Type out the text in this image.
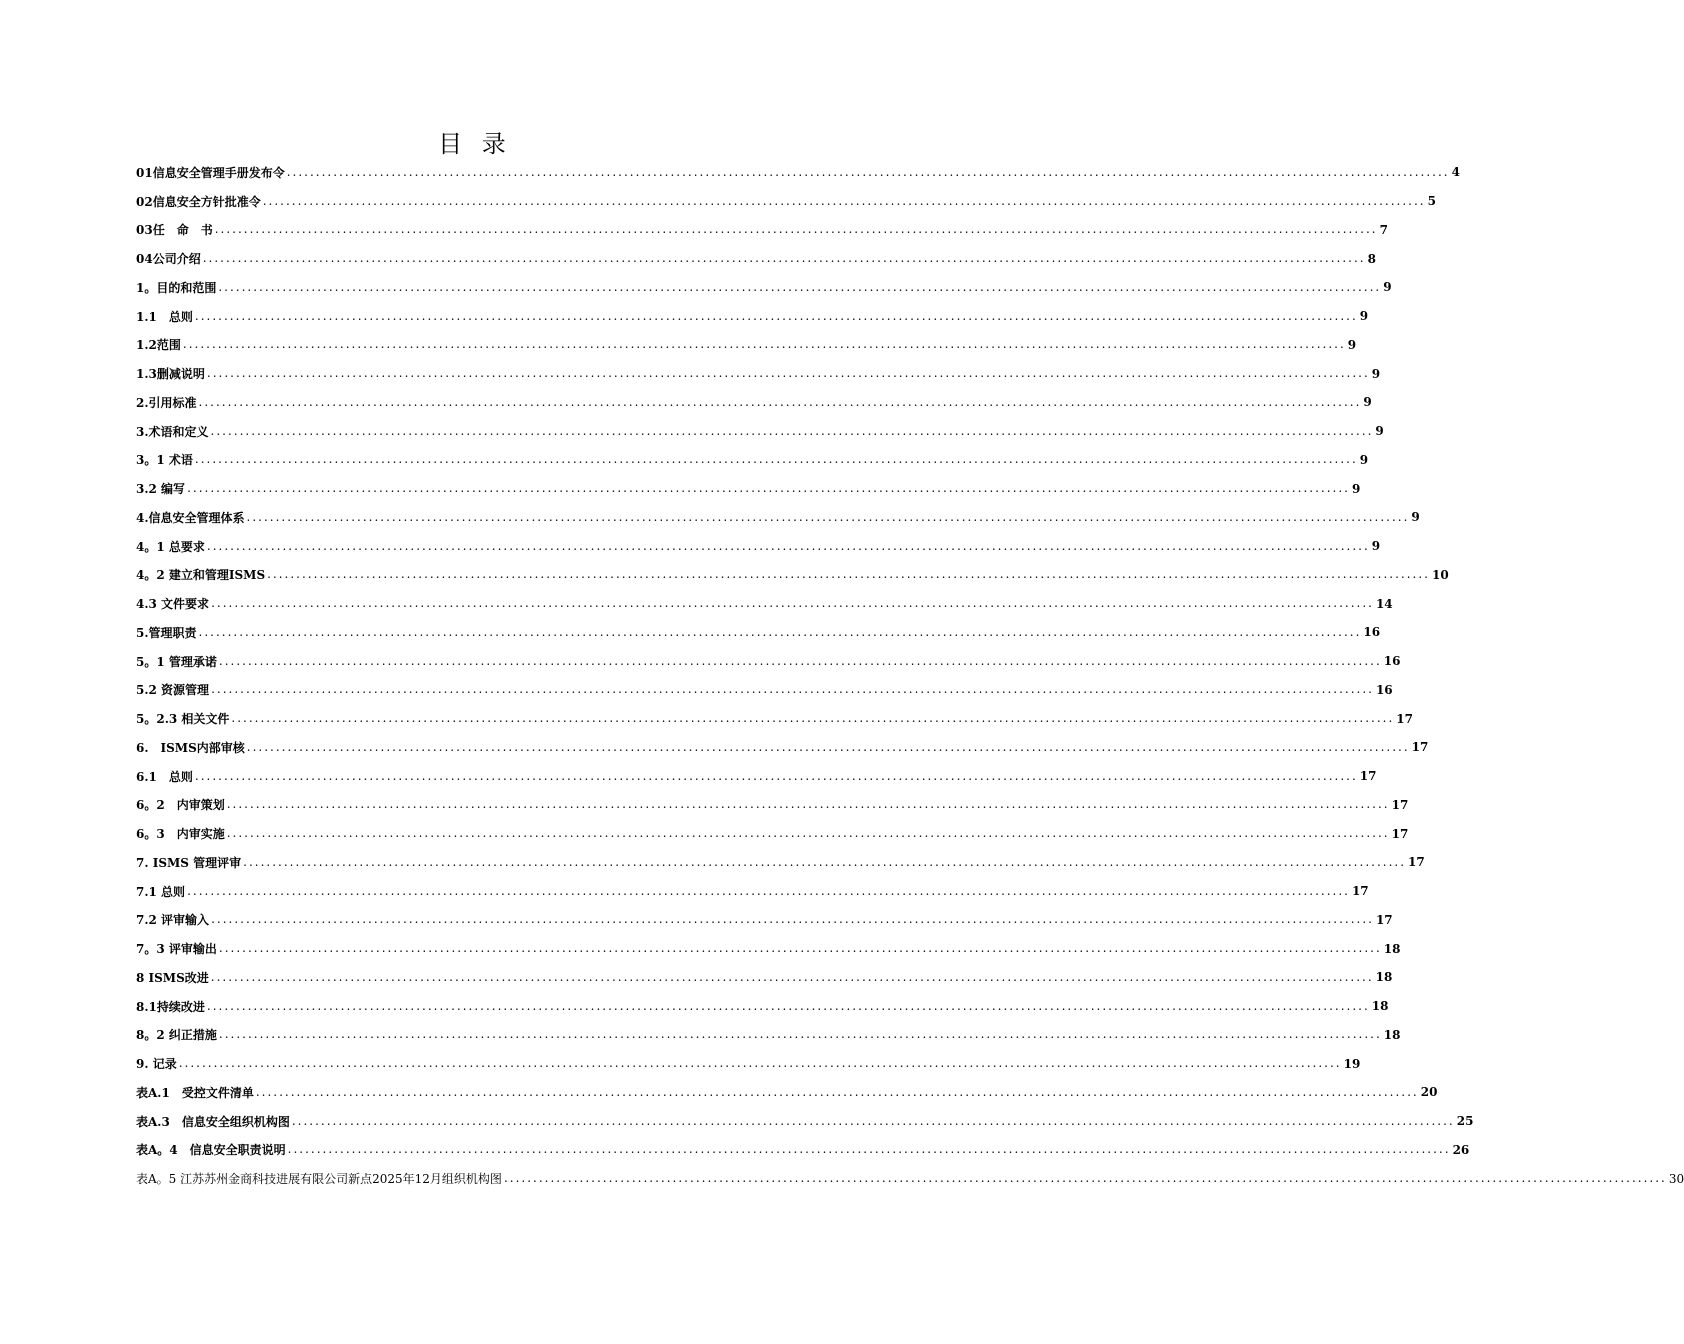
目 录
01信息安全管理手册发布令 ........................................................................................................................................................................................................ 4
02信息安全方针批准令 ........................................................................................................................................................................................................ 5
03任　命　书 ........................................................................................................................................................................................................ 7
04公司介绍 ........................................................................................................................................................................................................ 8
1。目的和范围 ........................................................................................................................................................................................................ 9
1.1　总则 ........................................................................................................................................................................................................ 9
1.2范围 ........................................................................................................................................................................................................ 9
1.3删减说明 ........................................................................................................................................................................................................ 9
2.引用标准 ........................................................................................................................................................................................................ 9
3.术语和定义 ........................................................................................................................................................................................................ 9
3。1 术语 ........................................................................................................................................................................................................ 9
3.2 编写 ........................................................................................................................................................................................................ 9
4.信息安全管理体系 ........................................................................................................................................................................................................ 9
4。1 总要求 ........................................................................................................................................................................................................ 9
4。2 建立和管理ISMS ........................................................................................................................................................................................................ 10
4.3 文件要求 ........................................................................................................................................................................................................ 14
5.管理职责 ........................................................................................................................................................................................................ 16
5。1 管理承诺 ........................................................................................................................................................................................................ 16
5.2 资源管理 ........................................................................................................................................................................................................ 16
5。2.3 相关文件 ........................................................................................................................................................................................................ 17
6.　ISMS内部审核 ........................................................................................................................................................................................................ 17
6.1　总则 ........................................................................................................................................................................................................ 17
6。2　内审策划 ........................................................................................................................................................................................................ 17
6。3　内审实施 ........................................................................................................................................................................................................ 17
7. ISMS 管理评审 ........................................................................................................................................................................................................ 17
7.1 总则 ........................................................................................................................................................................................................ 17
7.2 评审输入 ........................................................................................................................................................................................................ 17
7。3 评审输出 ........................................................................................................................................................................................................ 18
8 ISMS改进 ........................................................................................................................................................................................................ 18
8.1持续改进 ........................................................................................................................................................................................................ 18
8。2 纠正措施 ........................................................................................................................................................................................................ 18
9. 记录 ........................................................................................................................................................................................................ 19
表A.1　受控文件清单 ........................................................................................................................................................................................................ 20
表A.3　信息安全组织机构图 ........................................................................................................................................................................................................ 25
表A。4　信息安全职责说明 ........................................................................................................................................................................................................ 26
表A。5 江苏苏州金商科技进展有限公司新点2025年12月组织机构图 ........................................................................................................................................................................................................ 30
